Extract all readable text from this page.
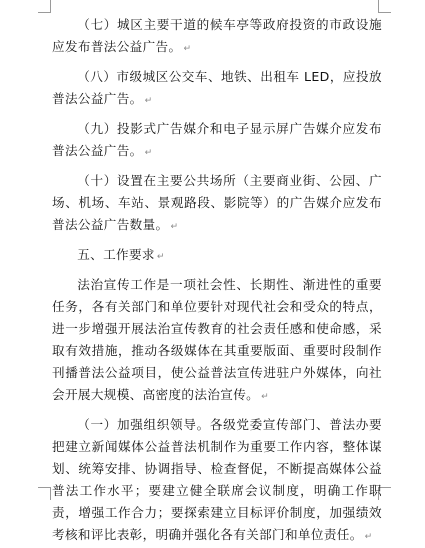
（七）城区主要干道的候车亭等政府投资的市政设施应发布普法公益广告。 ↵

（八）市级城区公交车、地铁、出租车 LED，应投放普法公益广告。 ↵

（九）投影式广告媒介和电子显示屏广告媒介应发布普法公益广告。 ↵

（十）设置在主要公共场所（主要商业街、公园、广场、机场、车站、景观路段、影院等）的广告媒介应发布普法公益广告数量。 ↵

五、工作要求 ↵

法治宣传工作是一项社会性、长期性、渐进性的重要任务，各有关部门和单位要针对现代社会和受众的特点，进一步增强开展法治宣传教育的社会责任感和使命感，采取有效措施，推动各级媒体在其重要版面、重要时段制作刊播普法公益项目，使公益普法宣传进驻户外媒体，向社会开展大规模、高密度的法治宣传。 ↵

（一）加强组织领导。各级党委宣传部门、普法办要把建立新闻媒体公益普法机制作为重要工作内容，整体谋划、统筹安排、协调指导、检查督促，不断提高媒体公益普法工作水平；要建立健全联席会议制度，明确工作职责，增强工作合力；要探索建立目标评价制度，加强绩效考核和评比表彰，明确并强化各有关部门和单位责任。 ↵
